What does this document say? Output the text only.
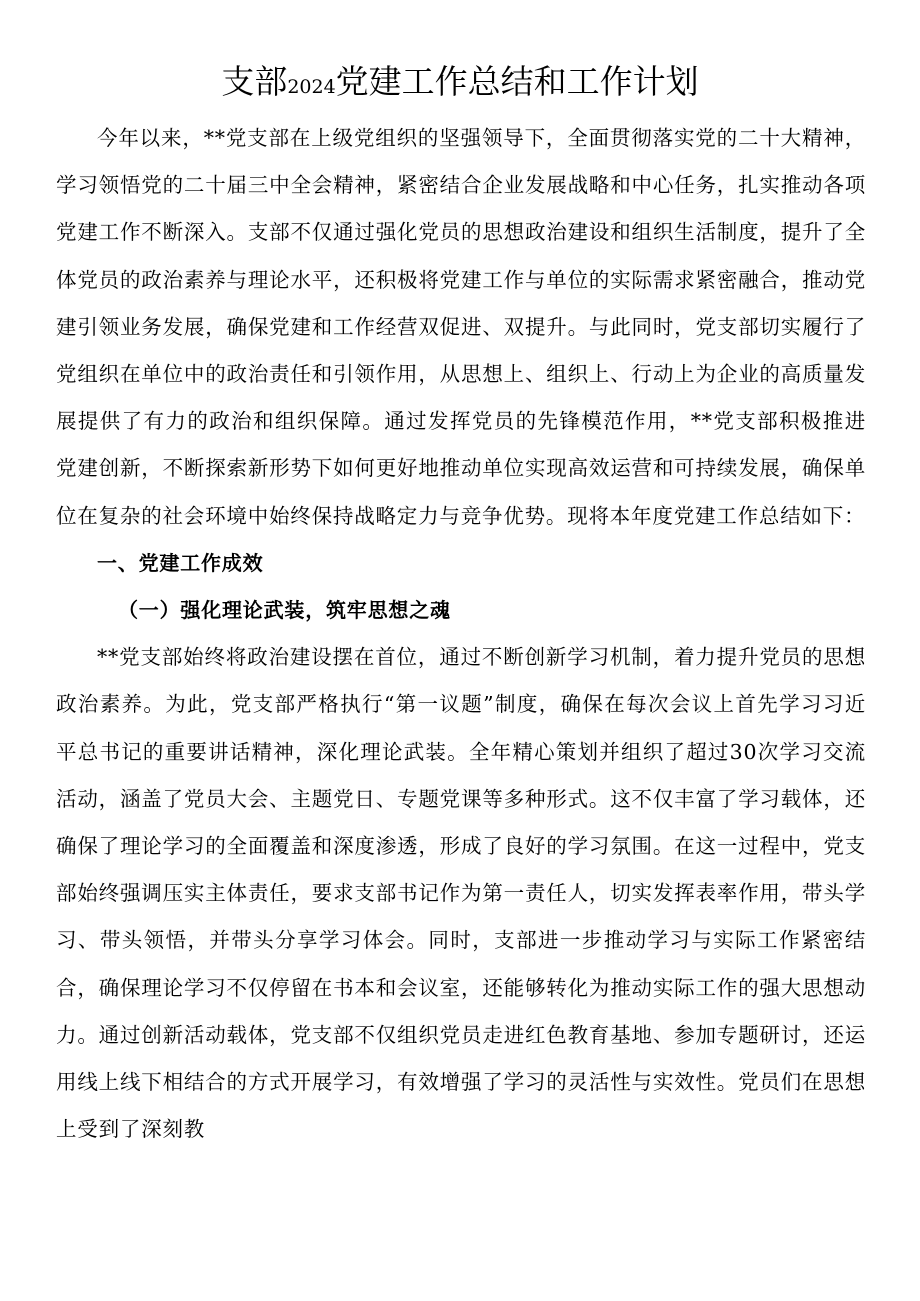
支部2024党建工作总结和工作计划

今年以来，**党支部在上级党组织的坚强领导下，全面贯彻落实党的二十大精神，学习领悟党的二十届三中全会精神，紧密结合企业发展战略和中心任务，扎实推动各项党建工作不断深入。支部不仅通过强化党员的思想政治建设和组织生活制度，提升了全体党员的政治素养与理论水平，还积极将党建工作与单位的实际需求紧密融合，推动党建引领业务发展，确保党建和工作经营双促进、双提升。与此同时，党支部切实履行了党组织在单位中的政治责任和引领作用，从思想上、组织上、行动上为企业的高质量发展提供了有力的政治和组织保障。通过发挥党员的先锋模范作用，**党支部积极推进党建创新，不断探索新形势下如何更好地推动单位实现高效运营和可持续发展，确保单位在复杂的社会环境中始终保持战略定力与竞争优势。现将本年度党建工作总结如下：

一、党建工作成效

（一）强化理论武装，筑牢思想之魂

**党支部始终将政治建设摆在首位，通过不断创新学习机制，着力提升党员的思想政治素养。为此，党支部严格执行“第一议题”制度，确保在每次会议上首先学习习近平总书记的重要讲话精神，深化理论武装。全年精心策划并组织了超过30次学习交流活动，涵盖了党员大会、主题党日、专题党课等多种形式。这不仅丰富了学习载体，还确保了理论学习的全面覆盖和深度渗透，形成了良好的学习氛围。在这一过程中，党支部始终强调压实主体责任，要求支部书记作为第一责任人，切实发挥表率作用，带头学习、带头领悟，并带头分享学习体会。同时，支部进一步推动学习与实际工作紧密结合，确保理论学习不仅停留在书本和会议室，还能够转化为推动实际工作的强大思想动力。通过创新活动载体，党支部不仅组织党员走进红色教育基地、参加专题研讨，还运用线上线下相结合的方式开展学习，有效增强了学习的灵活性与实效性。党员们在思想上受到了深刻教
